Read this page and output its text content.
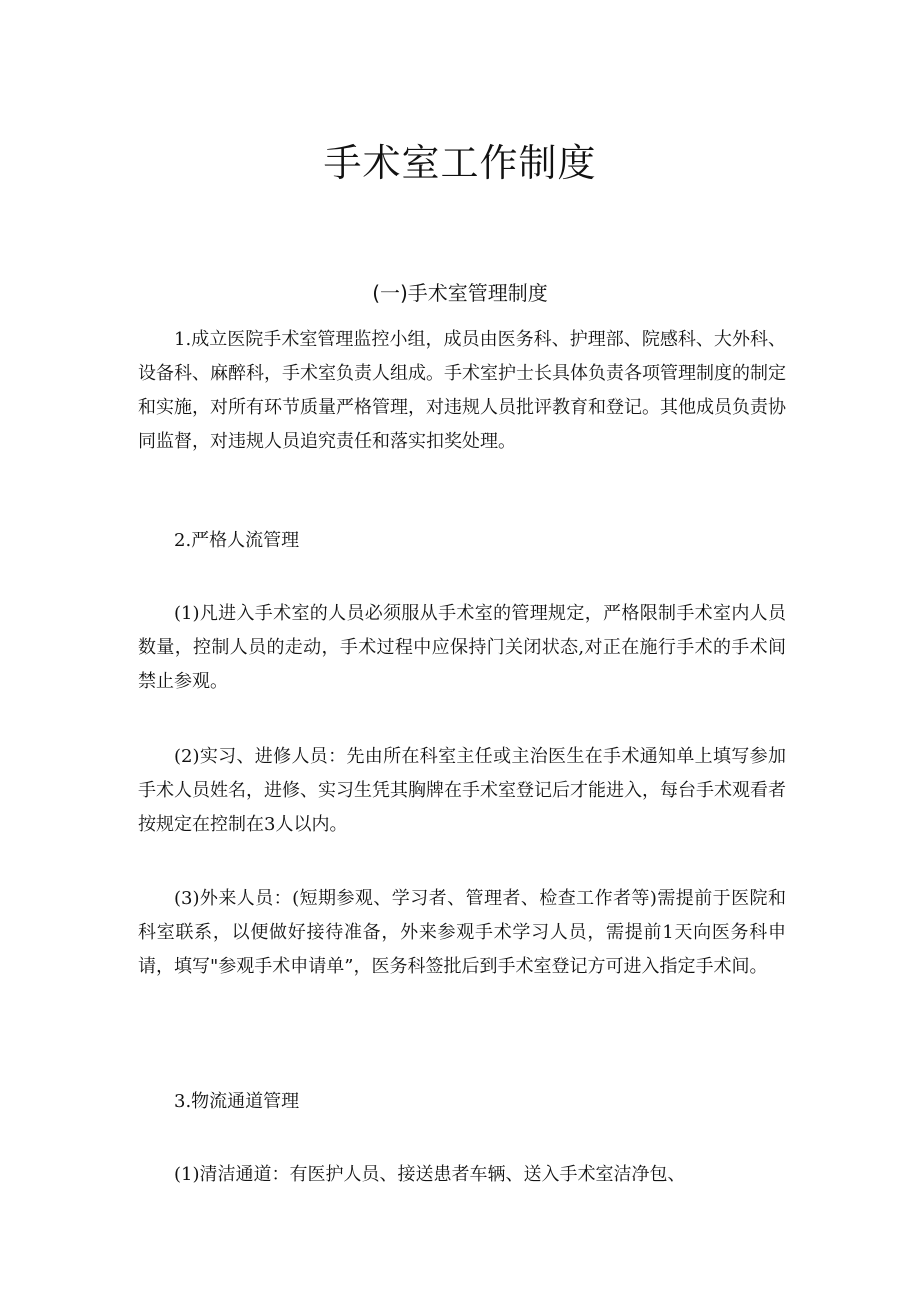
手术室工作制度
(一)手术室管理制度

1.成立医院手术室管理监控小组，成员由医务科、护理部、院感科、大外科、设备科、麻醉科，手术室负责人组成。手术室护士长具体负责各项管理制度的制定和实施，对所有环节质量严格管理，对违规人员批评教育和登记。其他成员负责协同监督，对违规人员追究责任和落实扣奖处理。

2.严格人流管理

(1)凡进入手术室的人员必须服从手术室的管理规定，严格限制手术室内人员数量，控制人员的走动，手术过程中应保持门关闭状态,对正在施行手术的手术间禁止参观。

(2)实习、进修人员：先由所在科室主任或主治医生在手术通知单上填写参加手术人员姓名，进修、实习生凭其胸牌在手术室登记后才能进入，每台手术观看者按规定在控制在3人以内。

(3)外来人员：(短期参观、学习者、管理者、检查工作者等)需提前于医院和科室联系，以便做好接待准备，外来参观手术学习人员，需提前1天向医务科申请，填写"参观手术申请单”，医务科签批后到手术室登记方可进入指定手术间。

3.物流通道管理

(1)清洁通道：有医护人员、接送患者车辆、送入手术室洁净包、
